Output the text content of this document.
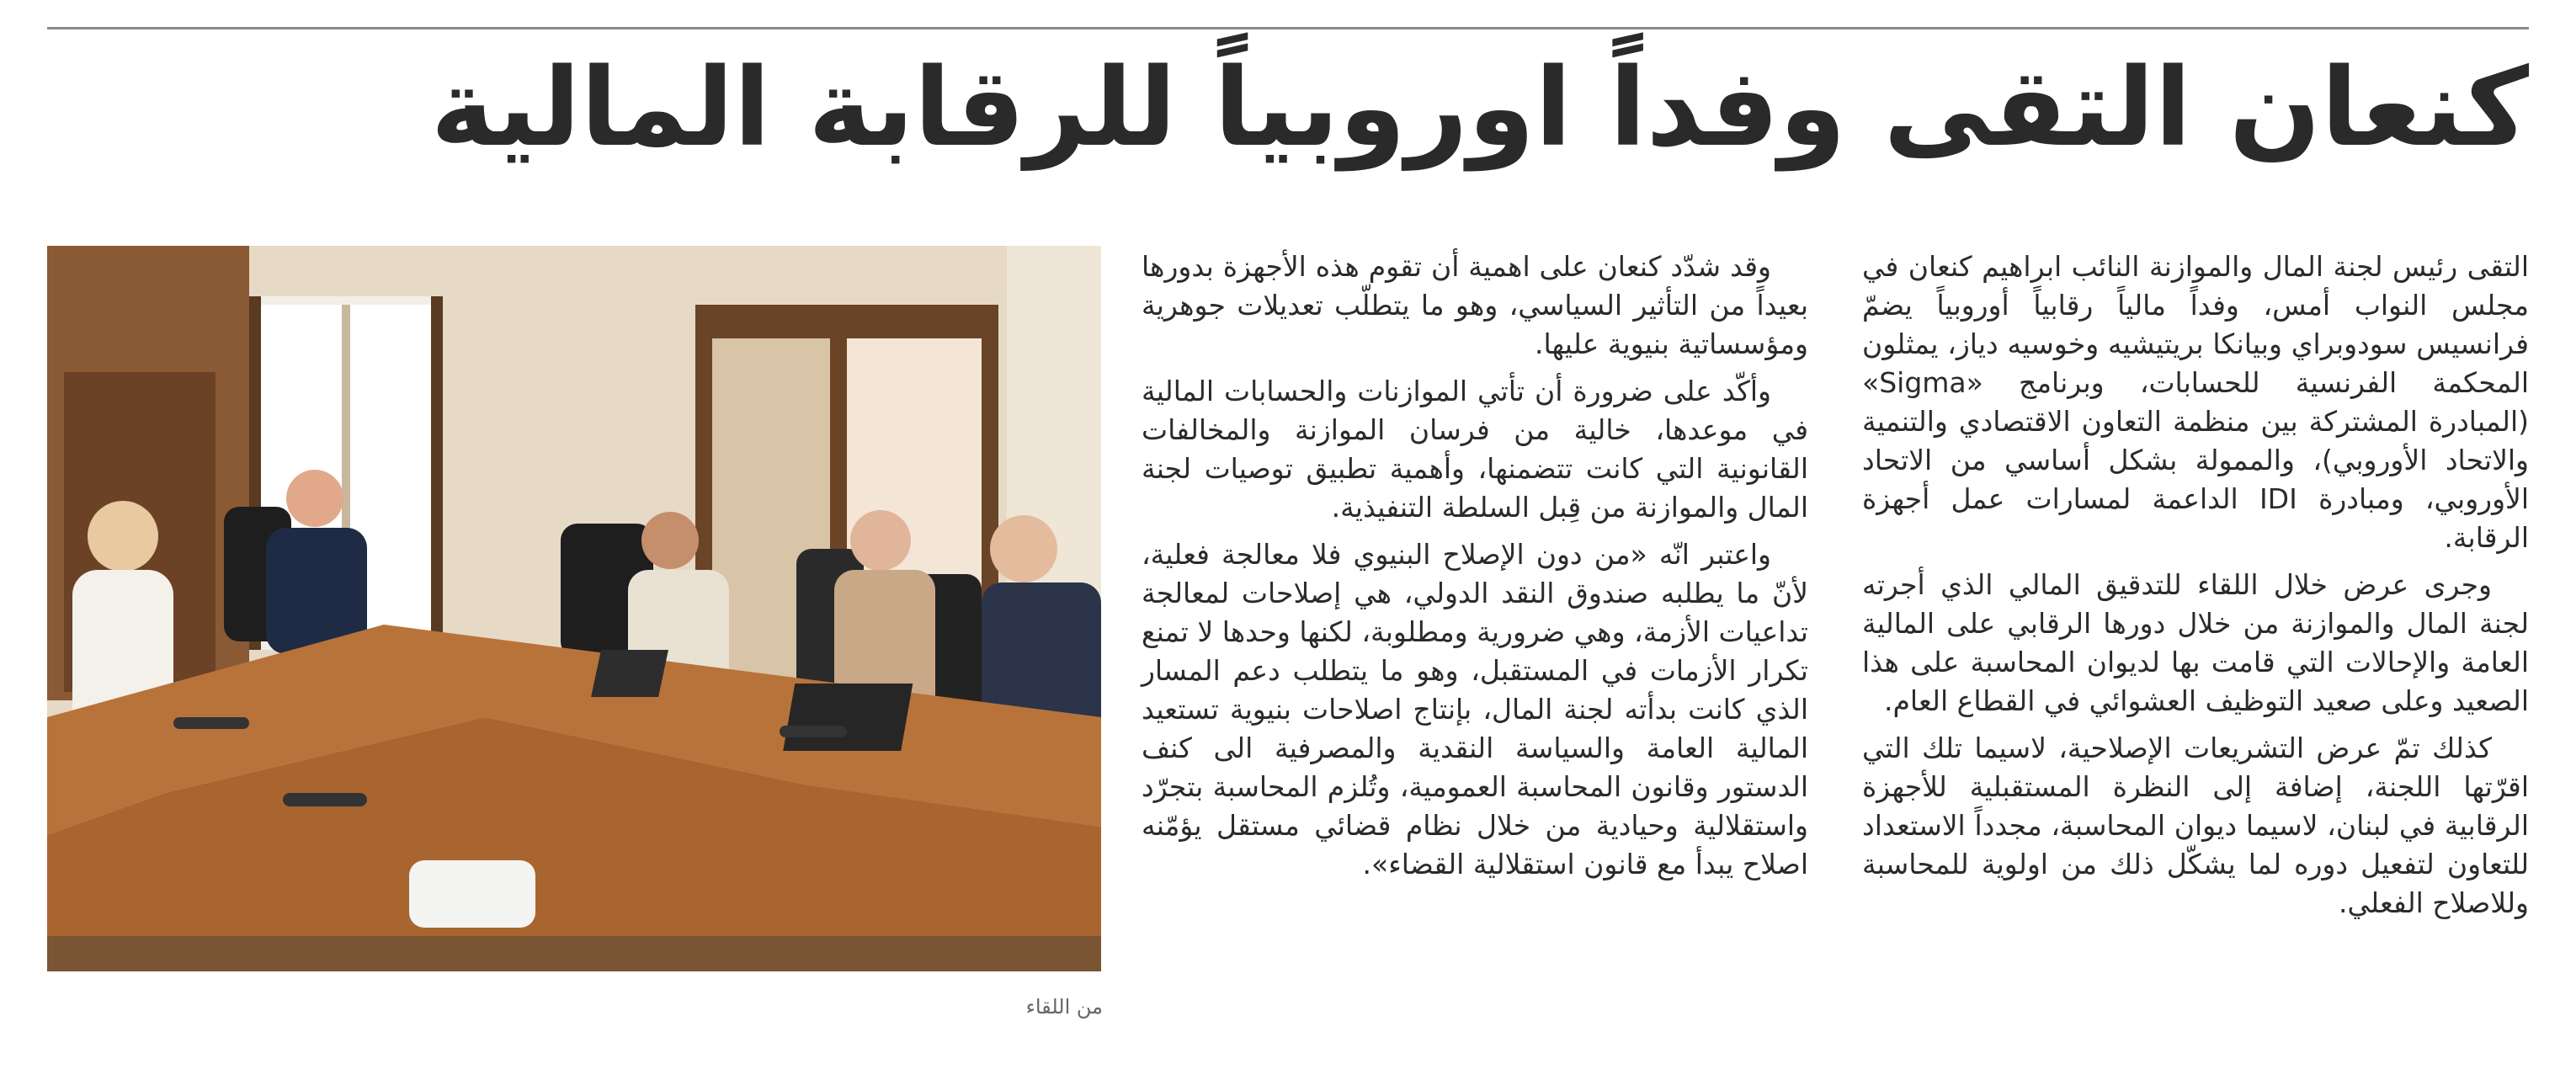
كنعان التقى وفداً اوروبياً للرقابة المالية

التقى رئيس لجنة المال والموازنة النائب ابراهيم كنعان في مجلس النواب أمس، وفداً مالياً رقابياً أوروبياً يضمّ فرانسيس سودوبراي وبيانكا بريتيشيه وخوسيه دياز، يمثلون المحكمة الفرنسية للحسابات، وبرنامج «Sigma» (المبادرة المشتركة بين منظمة التعاون الاقتصادي والتنمية والاتحاد الأوروبي)، والممولة بشكل أساسي من الاتحاد الأوروبي، ومبادرة IDI الداعمة لمسارات عمل أجهزة الرقابة.

وجرى عرض خلال اللقاء للتدقيق المالي الذي أجرته لجنة المال والموازنة من خلال دورها الرقابي على المالية العامة والإحالات التي قامت بها لديوان المحاسبة على هذا الصعيد وعلى صعيد التوظيف العشوائي في القطاع العام.

كذلك تمّ عرض التشريعات الإصلاحية، لاسيما تلك التي اقرّتها اللجنة، إضافة إلى النظرة المستقبلية للأجهزة الرقابية في لبنان، لاسيما ديوان المحاسبة، مجدداً الاستعداد للتعاون لتفعيل دوره لما يشكّل ذلك من اولوية للمحاسبة وللاصلاح الفعلي.

وقد شدّد كنعان على اهمية أن تقوم هذه الأجهزة بدورها بعيداً من التأثير السياسي، وهو ما يتطلّب تعديلات جوهرية ومؤسساتية بنيوية عليها.

وأكّد على ضرورة أن تأتي الموازنات والحسابات المالية في موعدها، خالية من فرسان الموازنة والمخالفات القانونية التي كانت تتضمنها، وأهمية تطبيق توصيات لجنة المال والموازنة من قِبل السلطة التنفيذية.

واعتبر انّه «من دون الإصلاح البنيوي فلا معالجة فعلية، لأنّ ما يطلبه صندوق النقد الدولي، هي إصلاحات لمعالجة تداعيات الأزمة، وهي ضرورية ومطلوبة، لكنها وحدها لا تمنع تكرار الأزمات في المستقبل، وهو ما يتطلب دعم المسار الذي كانت بدأته لجنة المال، بإنتاج اصلاحات بنيوية تستعيد المالية العامة والسياسة النقدية والمصرفية الى كنف الدستور وقانون المحاسبة العمومية، وتُلزم المحاسبة بتجرّد واستقلالية وحيادية من خلال نظام قضائي مستقل يؤمّنه اصلاح يبدأ مع قانون استقلالية القضاء».

من اللقاء
